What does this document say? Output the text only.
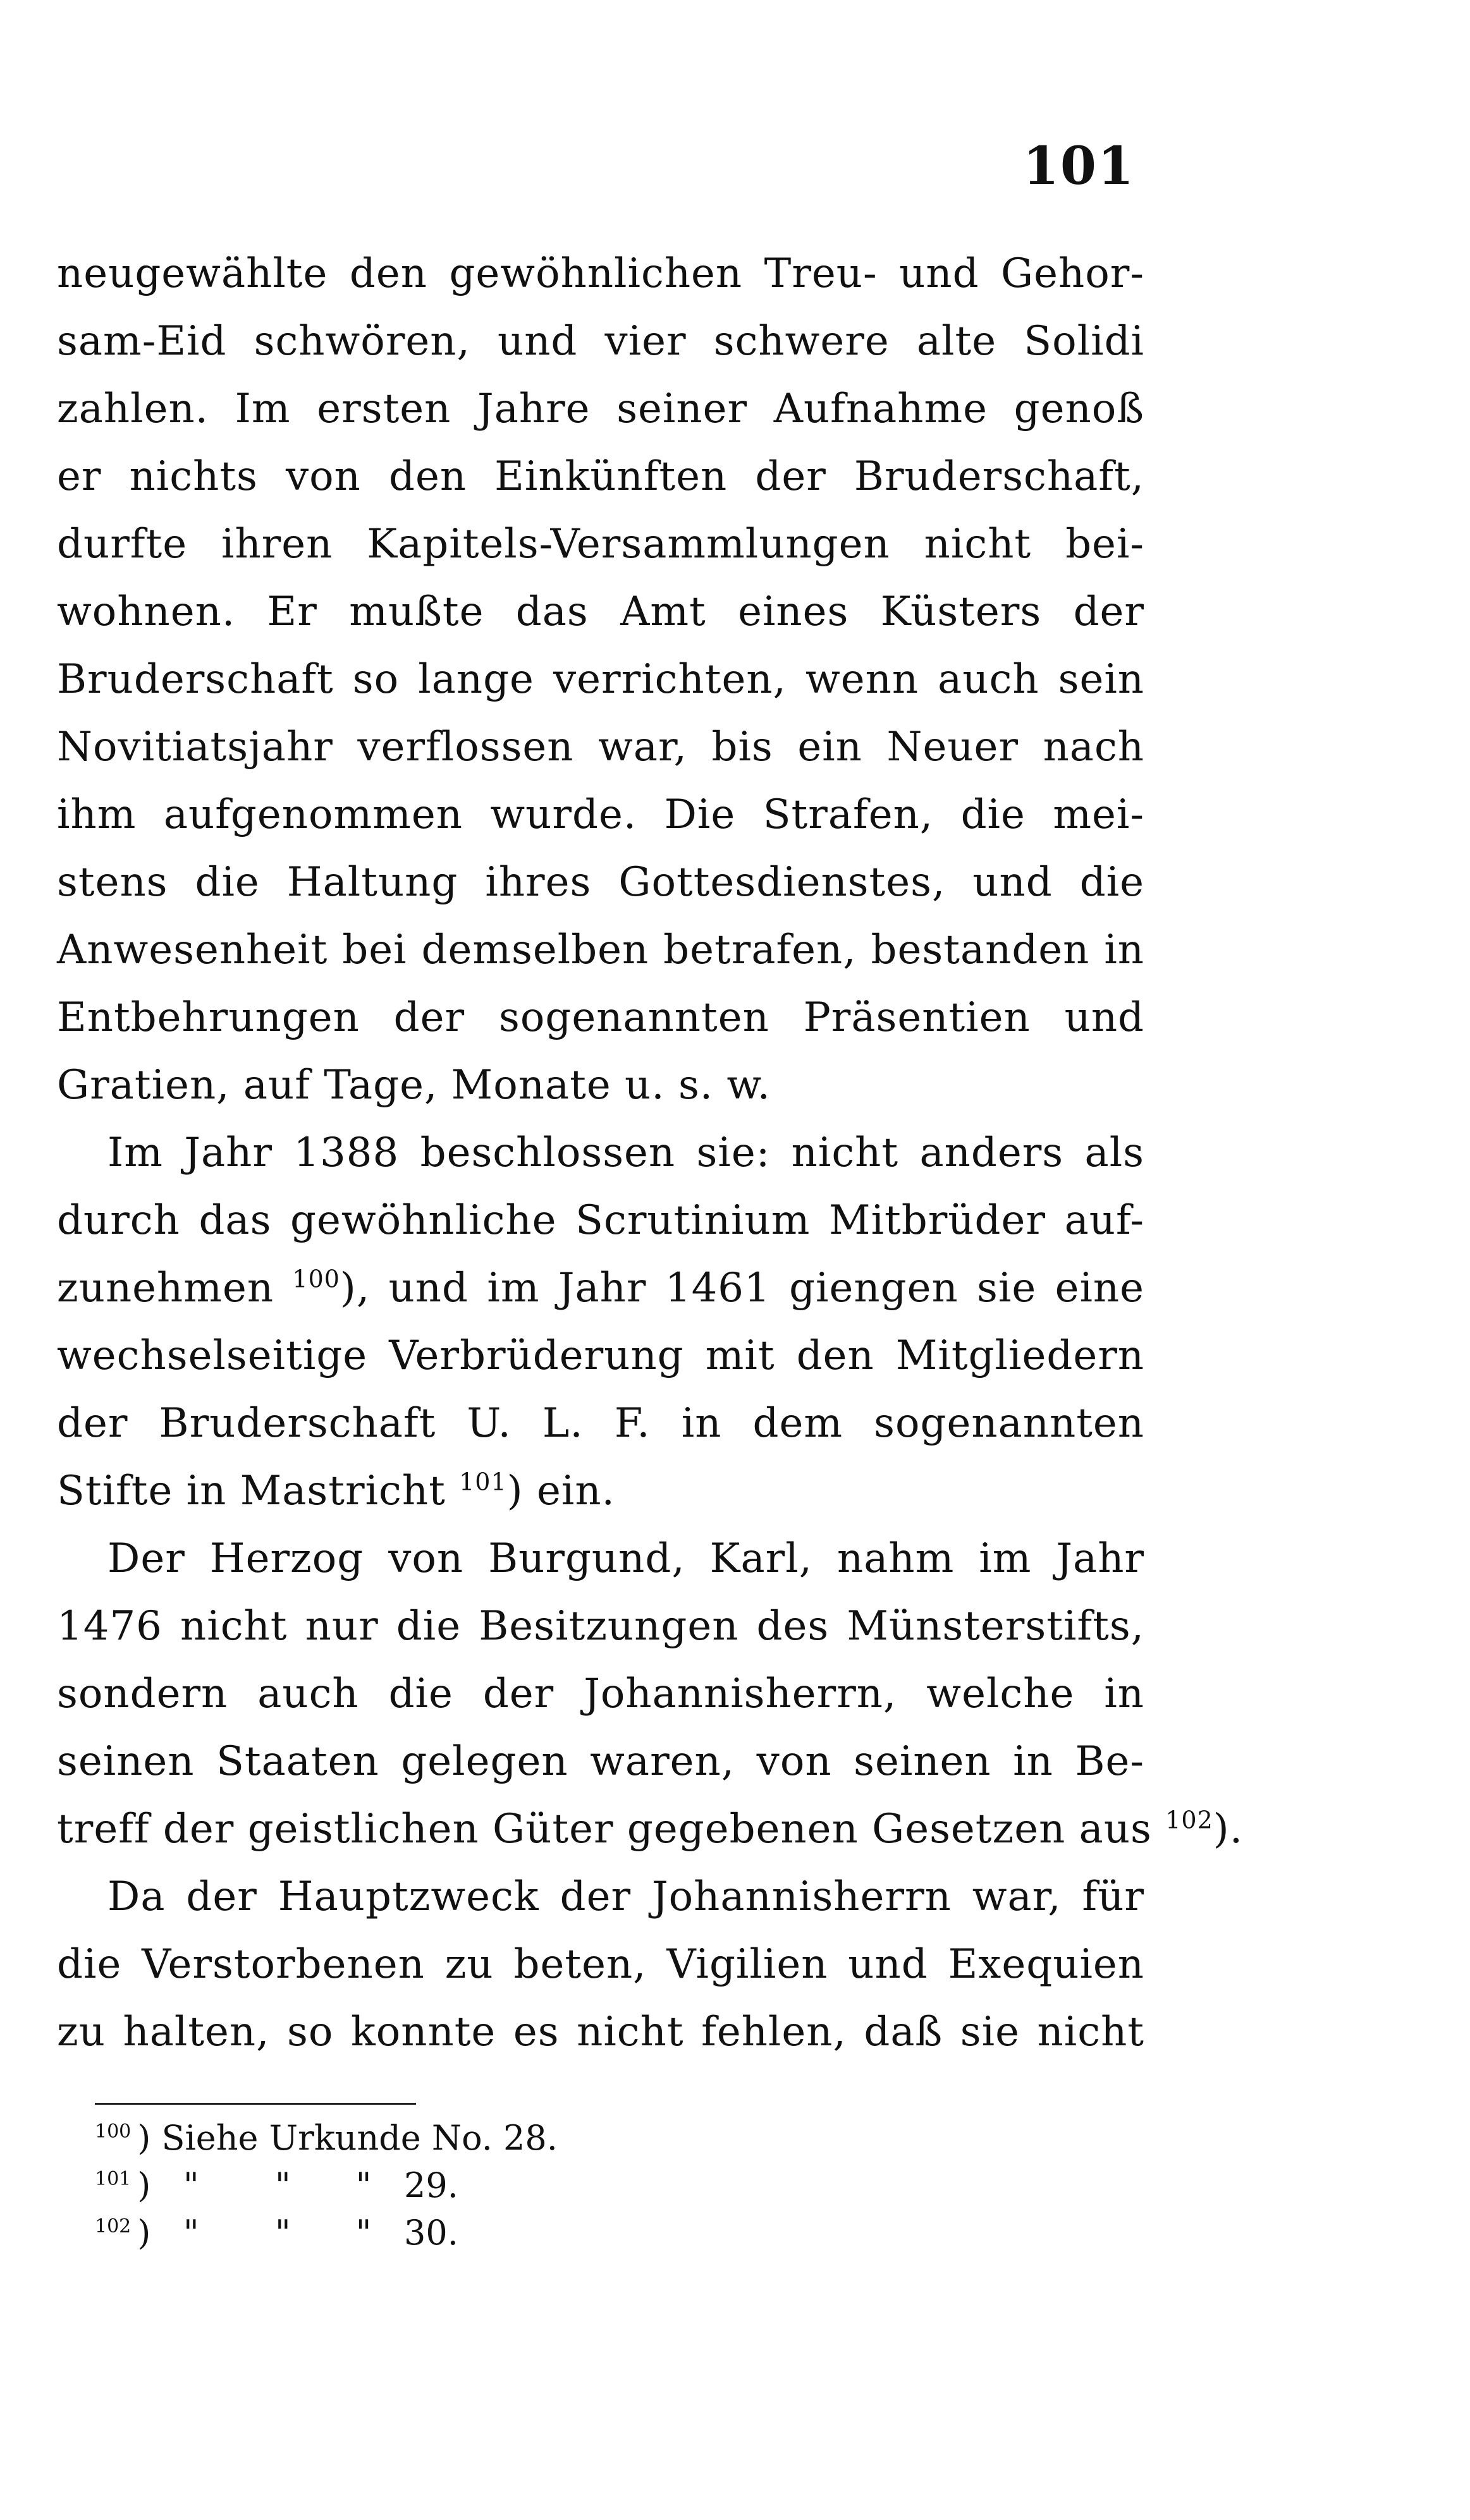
101
neugewählte den gewöhnlichen Treu- und Gehor-
sam-Eid schwören, und vier schwere alte Solidi
zahlen. Im ersten Jahre seiner Aufnahme genoß
er nichts von den Einkünften der Bruderschaft,
durfte ihren Kapitels-Versammlungen nicht bei-
wohnen. Er mußte das Amt eines Küsters der
Bruderschaft so lange verrichten, wenn auch sein
Novitiatsjahr verflossen war, bis ein Neuer nach
ihm aufgenommen wurde. Die Strafen, die mei-
stens die Haltung ihres Gottesdienstes, und die
Anwesenheit bei demselben betrafen, bestanden in
Entbehrungen der sogenannten Präsentien und
Gratien, auf Tage, Monate u. s. w.
Im Jahr 1388 beschlossen sie: nicht anders als
durch das gewöhnliche Scrutinium Mitbrüder auf-
zunehmen $^{100}$), und im Jahr 1461 giengen sie eine
wechselseitige Verbrüderung mit den Mitgliedern
der Bruderschaft U. L. F. in dem sogenannten
Stifte in Mastricht $^{101}$) ein.
Der Herzog von Burgund, Karl, nahm im Jahr
1476 nicht nur die Besitzungen des Münsterstifts,
sondern auch die der Johannisherrn, welche in
seinen Staaten gelegen waren, von seinen in Be-
treff der geistlichen Güter gegebenen Gesetzen aus $^{102}$).
Da der Hauptzweck der Johannisherrn war, für
die Verstorbenen zu beten, Vigilien und Exequien
zu halten, so konnte es nicht fehlen, daß sie nicht
$^{100}$ ) Siehe Urkunde No. 28.
$^{101}$ )   "       "      "   29.
$^{102}$ )   "       "      "   30.
